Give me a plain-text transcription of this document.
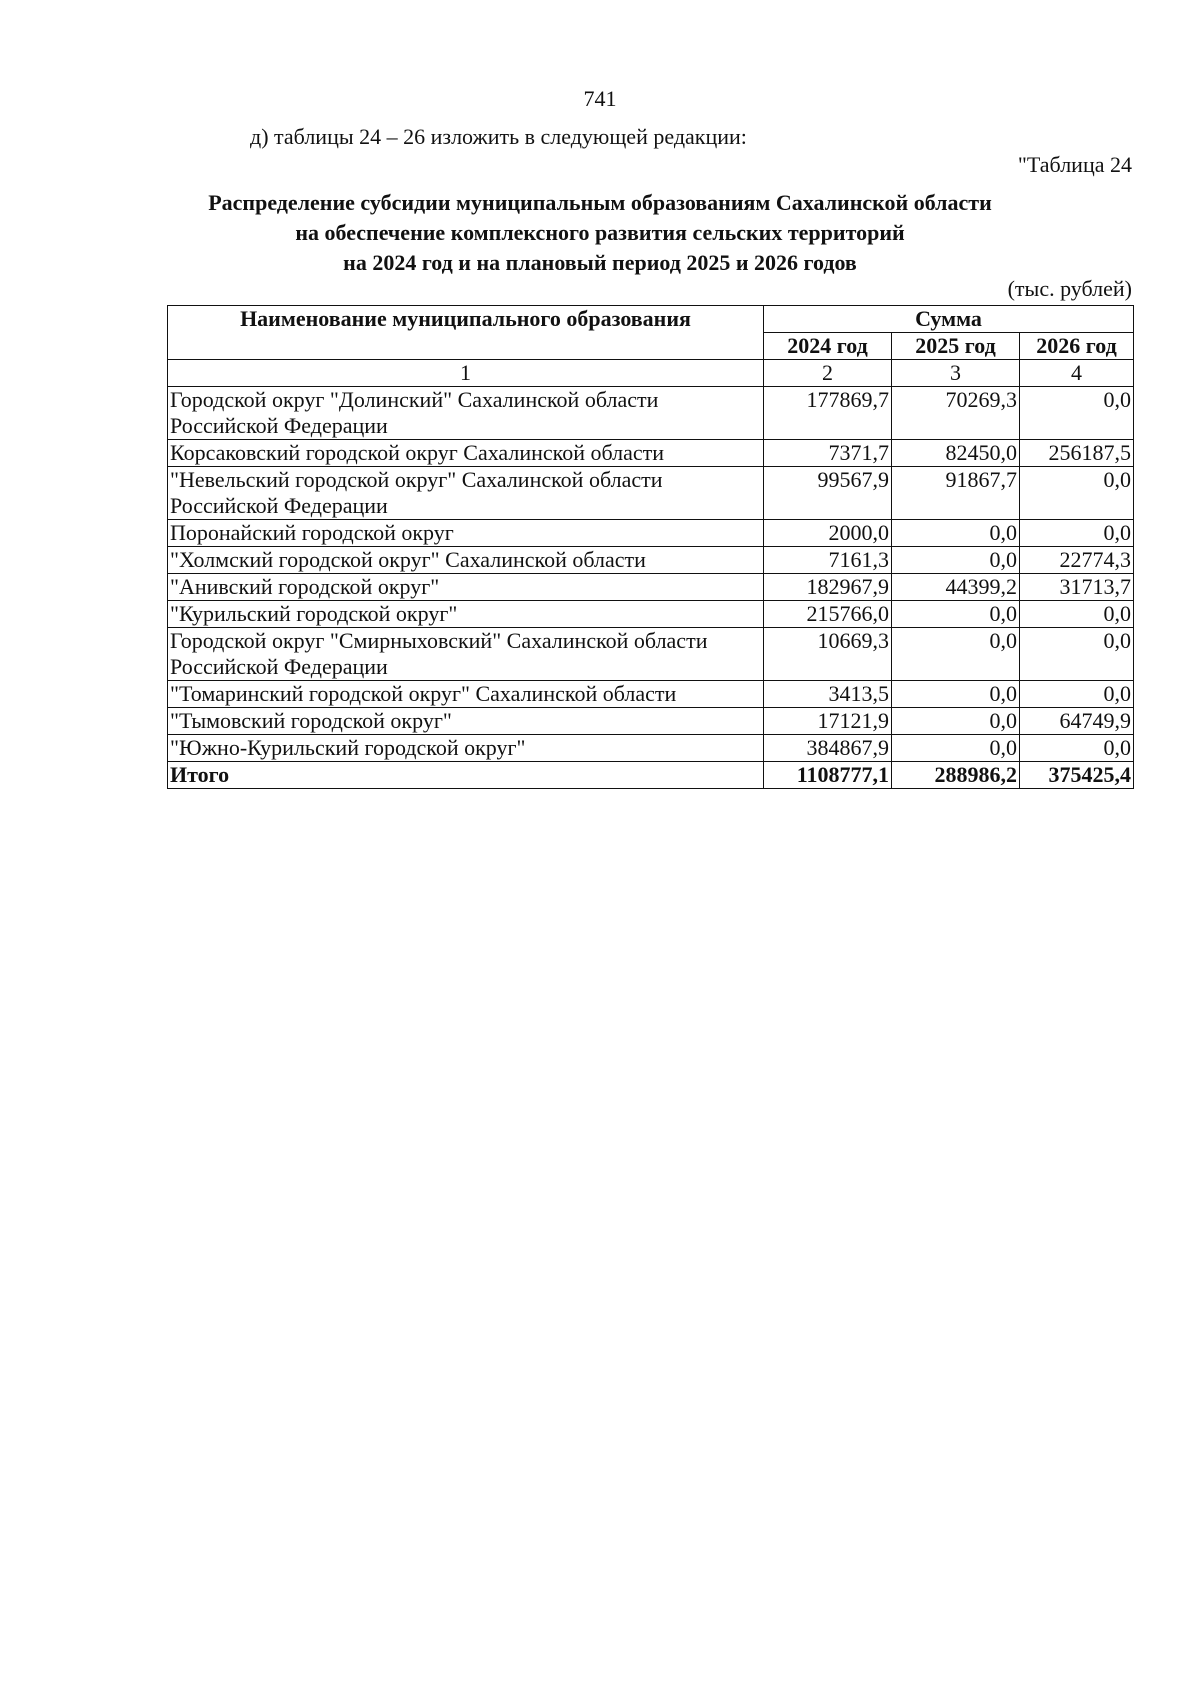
741
д) таблицы 24 – 26 изложить в следующей редакции:
"Таблица 24
Распределение субсидии муниципальным образованиям Сахалинской области
на обеспечение комплексного развития сельских территорий
на 2024 год и на плановый период 2025 и 2026 годов
(тыс. рублей)
Наименование муниципального образования	Сумма		
	2024 год	2025 год	2026 год
1	2	3	4
Городской округ "Долинский" Сахалинской области Российской Федерации	177869,7	70269,3	0,0
Корсаковский городской округ Сахалинской области	7371,7	82450,0	256187,5
"Невельский городской округ" Сахалинской области Российской Федерации	99567,9	91867,7	0,0
Поронайский городской округ	2000,0	0,0	0,0
"Холмский городской округ" Сахалинской области	7161,3	0,0	22774,3
"Анивский городской округ"	182967,9	44399,2	31713,7
"Курильский городской округ"	215766,0	0,0	0,0
Городской округ "Смирныховский" Сахалинской области Российской Федерации	10669,3	0,0	0,0
"Томаринский городской округ" Сахалинской области	3413,5	0,0	0,0
"Тымовский городской округ"	17121,9	0,0	64749,9
"Южно-Курильский городской округ"	384867,9	0,0	0,0
Итого	1108777,1	288986,2	375425,4
